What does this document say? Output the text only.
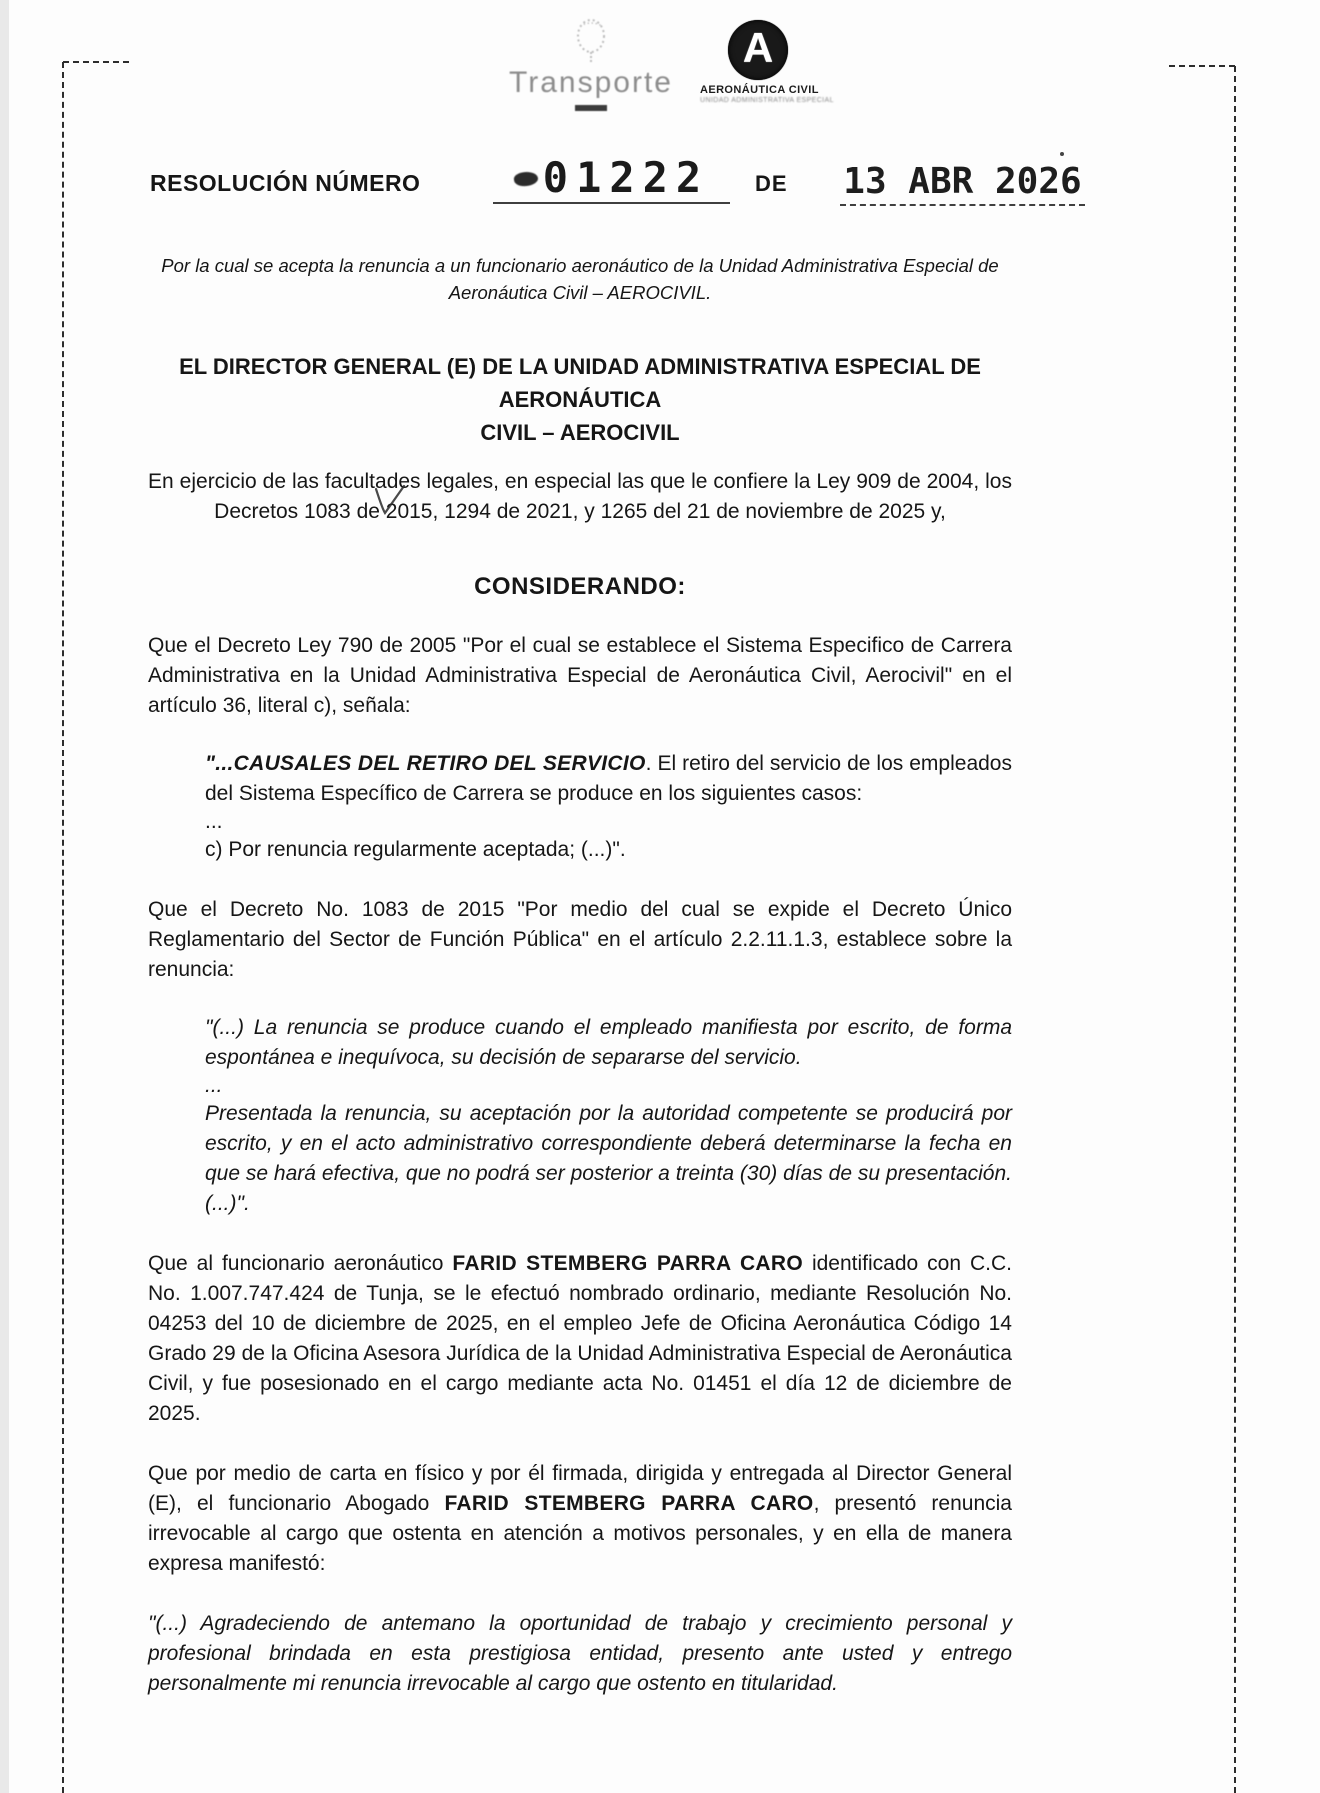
Transporte
A
AERONÁUTICA CIVIL
UNIDAD ADMINISTRATIVA ESPECIAL
RESOLUCIÓN NÚMERO	01222	DE 13 ABR 2026
Por la cual se acepta la renuncia a un funcionario aeronáutico de la Unidad Administrativa Especial de Aeronáutica Civil – AEROCIVIL.
EL DIRECTOR GENERAL (E) DE LA UNIDAD ADMINISTRATIVA ESPECIAL DE
AERONÁUTICA
CIVIL – AEROCIVIL
En ejercicio de las facultades legales, en especial las que le confiere la Ley 909 de 2004, los Decretos 1083 de 2015, 1294 de 2021, y 1265 del 21 de noviembre de 2025 y,
CONSIDERANDO:
Que el Decreto Ley 790 de 2005 "Por el cual se establece el Sistema Especifico de Carrera Administrativa en la Unidad Administrativa Especial de Aeronáutica Civil, Aerocivil" en el artículo 36, literal c), señala:
"...CAUSALES DEL RETIRO DEL SERVICIO. El retiro del servicio de los empleados del Sistema Específico de Carrera se produce en los siguientes casos:
...
c) Por renuncia regularmente aceptada; (...)".
Que el Decreto No. 1083 de 2015 "Por medio del cual se expide el Decreto Único Reglamentario del Sector de Función Pública" en el artículo 2.2.11.1.3, establece sobre la renuncia:
"(...) La renuncia se produce cuando el empleado manifiesta por escrito, de forma espontánea e inequívoca, su decisión de separarse del servicio.
...
Presentada la renuncia, su aceptación por la autoridad competente se producirá por escrito, y en el acto administrativo correspondiente deberá determinarse la fecha en que se hará efectiva, que no podrá ser posterior a treinta (30) días de su presentación. (...)".
Que al funcionario aeronáutico FARID STEMBERG PARRA CARO identificado con C.C. No. 1.007.747.424 de Tunja, se le efectuó nombrado ordinario, mediante Resolución No. 04253 del 10 de diciembre de 2025, en el empleo Jefe de Oficina Aeronáutica Código 14 Grado 29 de la Oficina Asesora Jurídica de la Unidad Administrativa Especial de Aeronáutica Civil, y fue posesionado en el cargo mediante acta No. 01451 el día 12 de diciembre de 2025.
Que por medio de carta en físico y por él firmada, dirigida y entregada al Director General (E), el funcionario Abogado FARID STEMBERG PARRA CARO, presentó renuncia irrevocable al cargo que ostenta en atención a motivos personales, y en ella de manera expresa manifestó:
"(...) Agradeciendo de antemano la oportunidad de trabajo y crecimiento personal y profesional brindada en esta prestigiosa entidad, presento ante usted y entrego personalmente mi renuncia irrevocable al cargo que ostento en titularidad.
